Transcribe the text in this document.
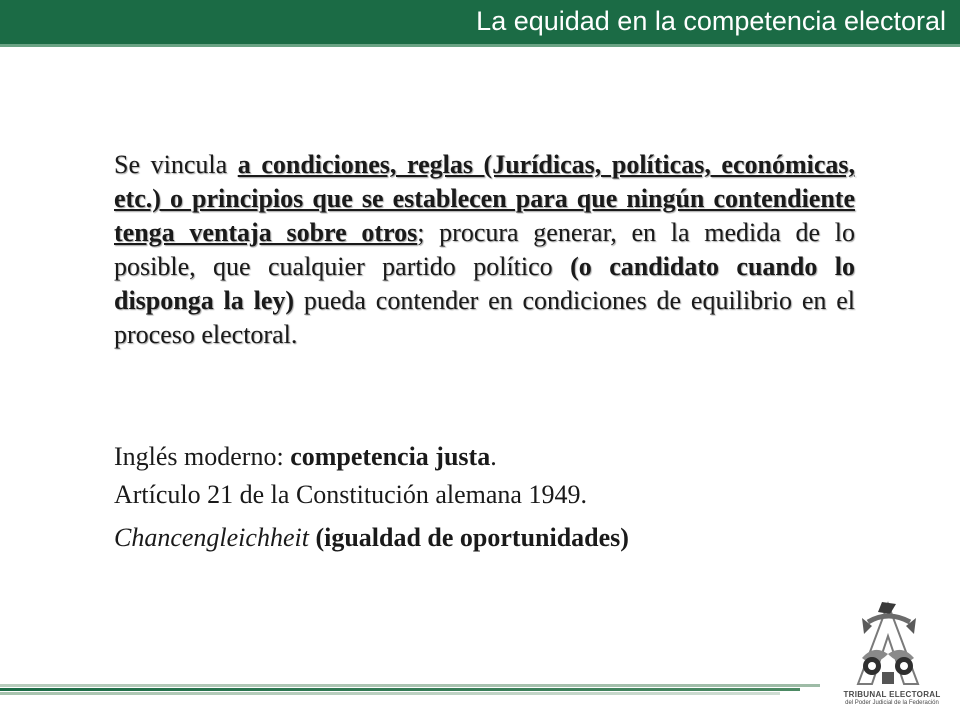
La equidad en la competencia electoral
Se vincula a condiciones, reglas (Jurídicas, políticas, económicas, etc.) o principios que se establecen para que ningún contendiente tenga ventaja sobre otros; procura generar, en la medida de lo posible, que cualquier partido político (o candidato cuando lo disponga la ley) pueda contender en condiciones de equilibrio en el proceso electoral.
Inglés moderno: competencia justa.
Artículo 21 de la Constitución alemana 1949.
Chancengleichheit (igualdad de oportunidades)
TRIBUNAL ELECTORAL
del Poder Judicial de la Federación
